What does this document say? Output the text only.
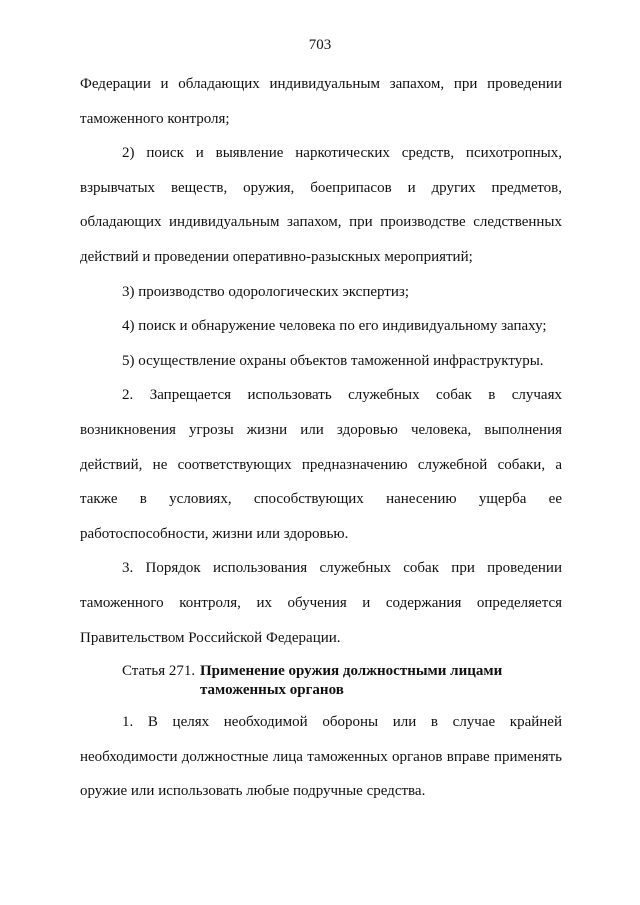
703

Федерации и обладающих индивидуальным запахом, при проведении

таможенного контроля;

2) поиск и выявление наркотических средств, психотропных,

взрывчатых веществ, оружия, боеприпасов и других предметов,

обладающих индивидуальным запахом, при производстве следственных

действий и проведении оперативно-разыскных мероприятий;

3) производство одорологических экспертиз;

4) поиск и обнаружение человека по его индивидуальному запаху;

5) осуществление охраны объектов таможенной инфраструктуры.

2. Запрещается использовать служебных собак в случаях

возникновения угрозы жизни или здоровью человека, выполнения

действий, не соответствующих предназначению служебной собаки, а

также в условиях, способствующих нанесению ущерба ее

работоспособности, жизни или здоровью.

3. Порядок использования служебных собак при проведении

таможенного контроля, их обучения и содержания определяется

Правительством Российской Федерации.

Статья 271. Применение оружия должностными лицами
таможенных органов

1. В целях необходимой обороны или в случае крайней

необходимости должностные лица таможенных органов вправе применять

оружие или использовать любые подручные средства.
